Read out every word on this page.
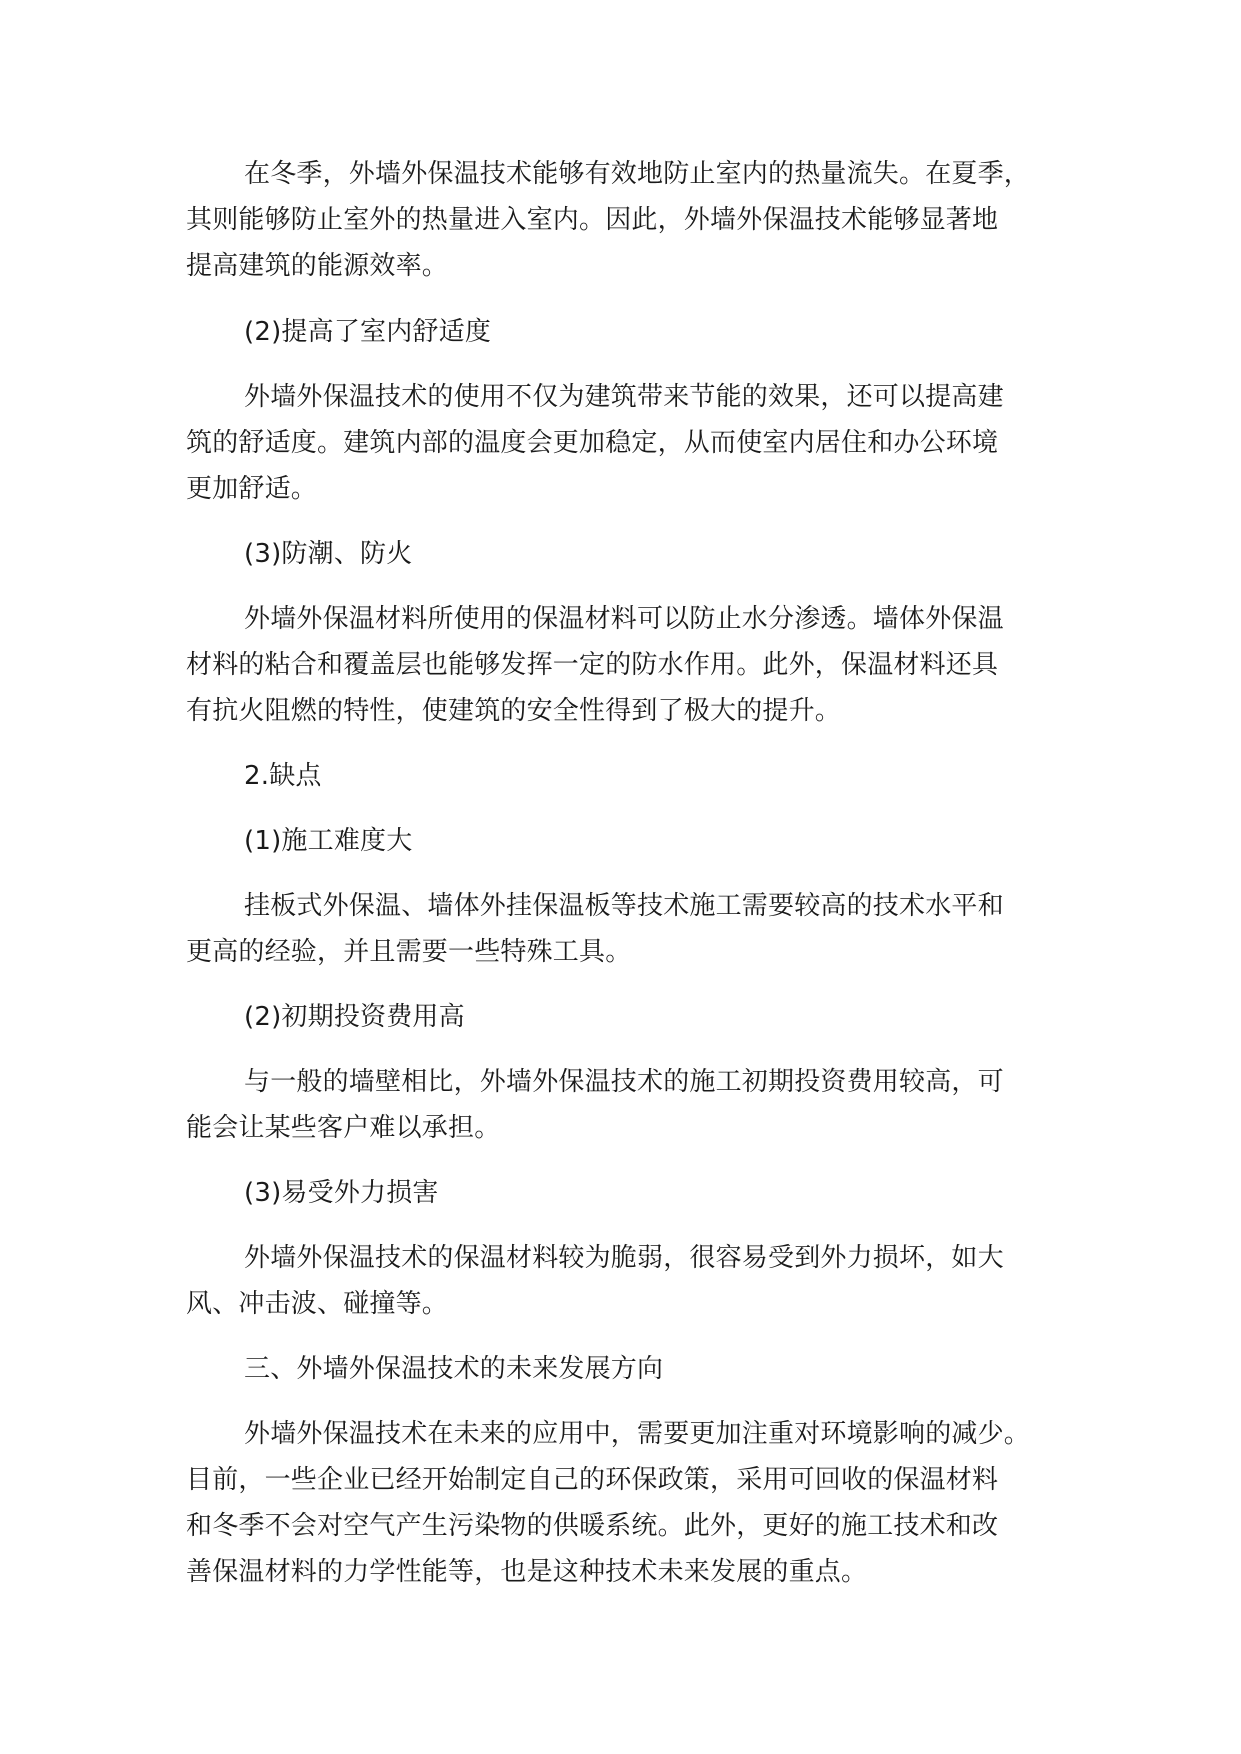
在冬季，外墙外保温技术能够有效地防止室内的热量流失。在夏季，
其则能够防止室外的热量进入室内。因此，外墙外保温技术能够显著地
提高建筑的能源效率。
(2)提高了室内舒适度
外墙外保温技术的使用不仅为建筑带来节能的效果，还可以提高建
筑的舒适度。建筑内部的温度会更加稳定，从而使室内居住和办公环境
更加舒适。
(3)防潮、防火
外墙外保温材料所使用的保温材料可以防止水分渗透。墙体外保温
材料的粘合和覆盖层也能够发挥一定的防水作用。此外，保温材料还具
有抗火阻燃的特性，使建筑的安全性得到了极大的提升。
2.缺点
(1)施工难度大
挂板式外保温、墙体外挂保温板等技术施工需要较高的技术水平和
更高的经验，并且需要一些特殊工具。
(2)初期投资费用高
与一般的墙壁相比，外墙外保温技术的施工初期投资费用较高，可
能会让某些客户难以承担。
(3)易受外力损害
外墙外保温技术的保温材料较为脆弱，很容易受到外力损坏，如大
风、冲击波、碰撞等。
三、外墙外保温技术的未来发展方向
外墙外保温技术在未来的应用中，需要更加注重对环境影响的减少。
目前，一些企业已经开始制定自己的环保政策，采用可回收的保温材料
和冬季不会对空气产生污染物的供暖系统。此外，更好的施工技术和改
善保温材料的力学性能等，也是这种技术未来发展的重点。
